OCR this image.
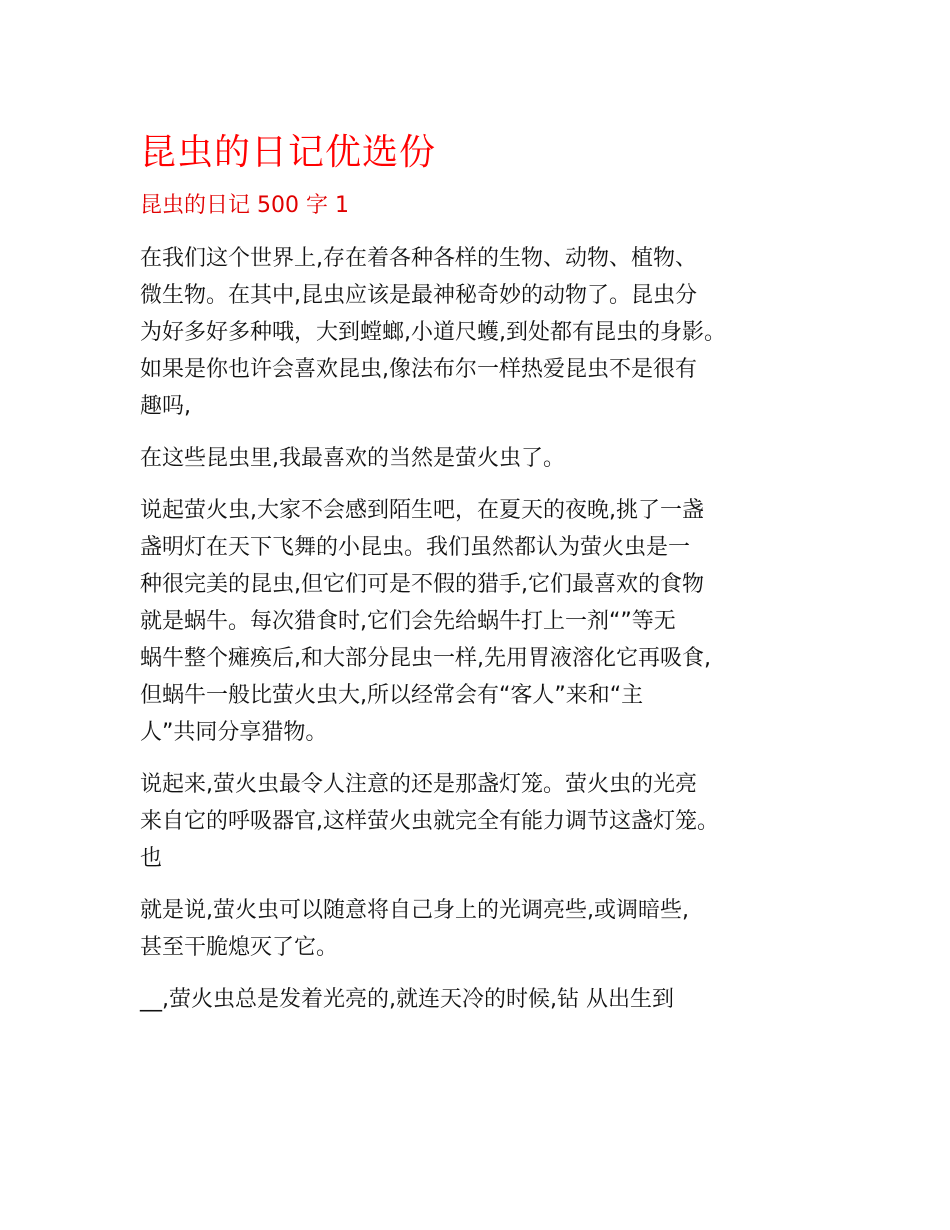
昆虫的日记优选份
昆虫的日记 500 字 1
在我们这个世界上,存在着各种各样的生物、动物、植物、
微生物。在其中,昆虫应该是最神秘奇妙的动物了。昆虫分
为好多好多种哦，大到螳螂,小道尺蠖,到处都有昆虫的身影。
如果是你也许会喜欢昆虫,像法布尔一样热爱昆虫不是很有
趣吗,
在这些昆虫里,我最喜欢的当然是萤火虫了。
说起萤火虫,大家不会感到陌生吧，在夏天的夜晚,挑了一盏
盏明灯在天下飞舞的小昆虫。我们虽然都认为萤火虫是一
种很完美的昆虫,但它们可是不假的猎手,它们最喜欢的食物
就是蜗牛。每次猎食时,它们会先给蜗牛打上一剂“”等无
蜗牛整个瘫痪后,和大部分昆虫一样,先用胃液溶化它再吸食,
但蜗牛一般比萤火虫大,所以经常会有“客人”来和“主
人”共同分享猎物。
说起来,萤火虫最令人注意的还是那盏灯笼。萤火虫的光亮
来自它的呼吸器官,这样萤火虫就完全有能力调节这盏灯笼。
也
就是说,萤火虫可以随意将自己身上的光调亮些,或调暗些,
甚至干脆熄灭了它。
__,萤火虫总是发着光亮的,就连天冷的时候,钻 从出生到
